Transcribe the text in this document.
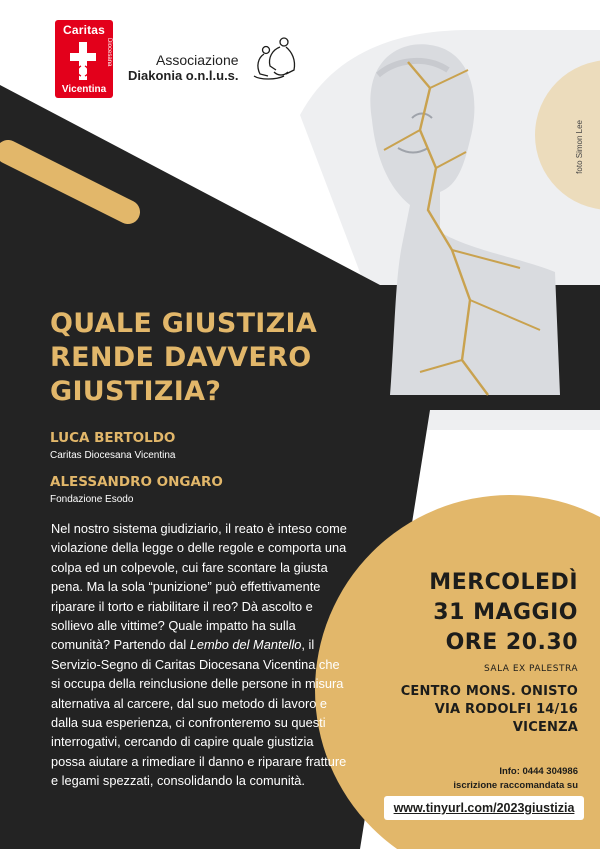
Caritas
Diocesana
Vicentina
Associazione
Diakonia o.n.l.u.s.
foto Simon Lee
QUALE GIUSTIZIA
RENDE DAVVERO
GIUSTIZIA?
LUCA BERTOLDO
Caritas Diocesana Vicentina
ALESSANDRO ONGARO
Fondazione Esodo

Nel nostro sistema giudiziario, il reato è inteso come violazione della legge o delle regole e comporta una colpa ed un colpevole, cui fare scontare la giusta pena. Ma la sola “punizione” può effettivamente riparare il torto e riabilitare il reo? Dà ascolto e sollievo alle vittime? Quale impatto ha sulla comunità? Partendo dal Lembo del Mantello, il Servizio-Segno di Caritas Diocesana Vicentina che si occupa della reinclusione delle persone in misura alternativa al carcere, dal suo metodo di lavoro e dalla sua esperienza, ci confronteremo su questi interrogativi, cercando di capire quale giustizia possa aiutare a rimediare il danno e riparare fratture e legami spezzati, consolidando la comunità.

MERCOLEDÌ
31 MAGGIO
ORE 20.30
SALA EX PALESTRA
CENTRO MONS. ONISTO
VIA RODOLFI 14/16
VICENZA
Info: 0444 304986
iscrizione raccomandata su
www.tinyurl.com/2023giustizia
